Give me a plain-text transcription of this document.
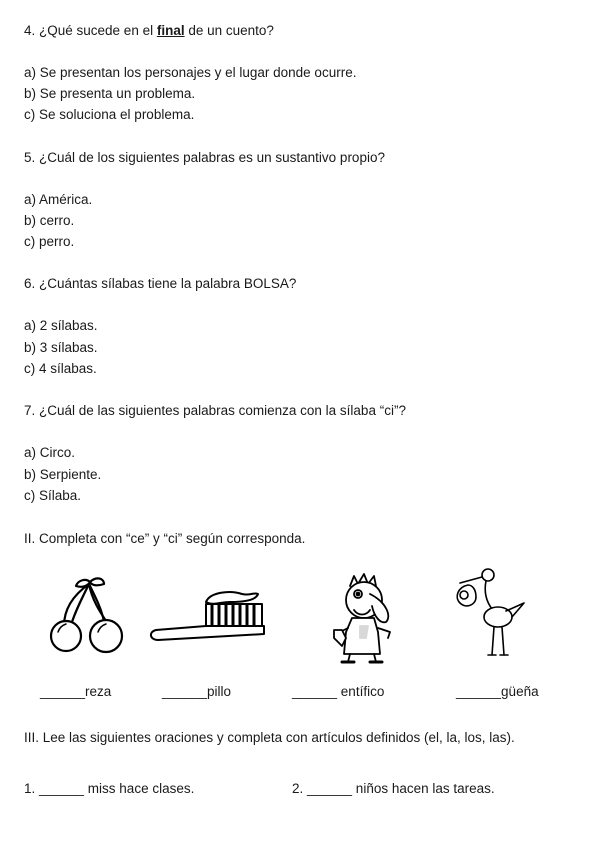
4. ¿Qué sucede en el final de un cuento?
a) Se presentan los personajes y el lugar donde ocurre.
b) Se presenta un problema.
c) Se soluciona el problema.
5. ¿Cuál de los siguientes palabras es un sustantivo propio?
a) América.
b) cerro.
c) perro.
6. ¿Cuántas sílabas tiene la palabra BOLSA?
a) 2 sílabas.
b) 3 sílabas.
c) 4 sílabas.
7. ¿Cuál de las siguientes palabras comienza con la sílaba “ci”?
a) Circo.
b) Serpiente.
c) Sílaba.
II. Completa con “ce” y “ci” según corresponda.
______reza	______pillo	______ entífico	______güeña
III. Lee las siguientes oraciones y completa con artículos definidos (el, la, los, las).
1. ______ miss hace clases.	2. ______ niños hacen las tareas.
